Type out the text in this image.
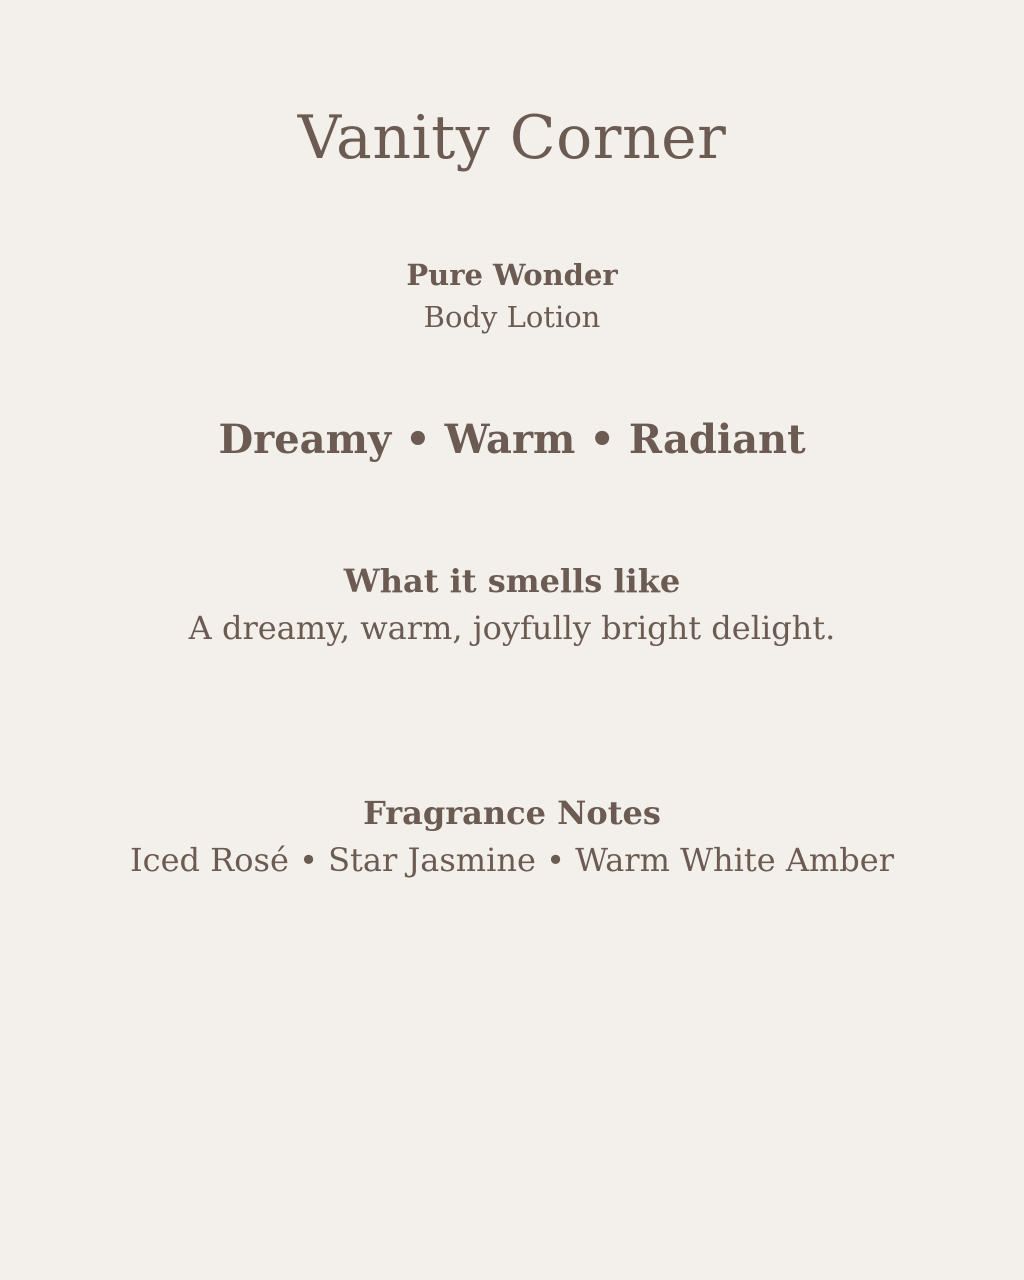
Vanity Corner
Pure Wonder
Body Lotion
Dreamy • Warm • Radiant
What it smells like
A dreamy, warm, joyfully bright delight.
Fragrance Notes
Iced Rosé • Star Jasmine • Warm White Amber
